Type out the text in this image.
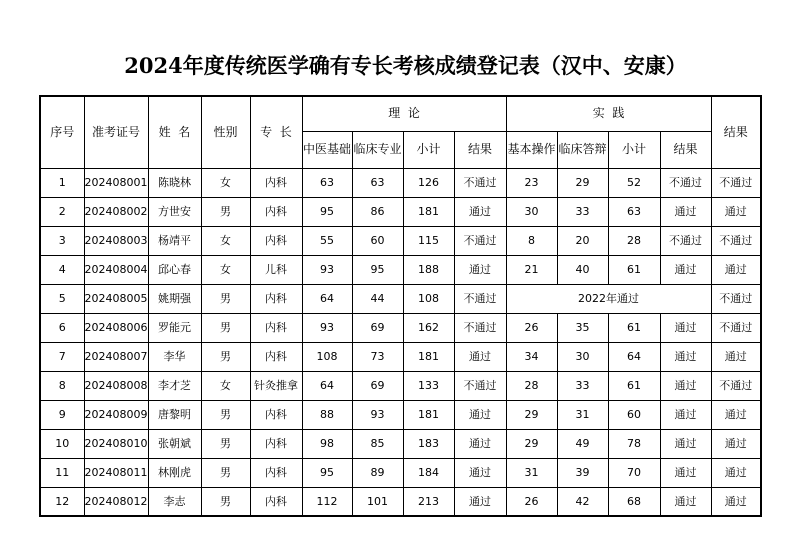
2024年度传统医学确有专长考核成绩登记表（汉中、安康）
序号	准考证号	姓  名	性别	专  长	理  论				实  践				结果
					中医基础	临床专业	小计	结果	基本操作	临床答辩	小计	结果	
1	202408001	陈晓林	女	内科	63	63	126	不通过	23	29	52	不通过	不通过
2	202408002	方世安	男	内科	95	86	181	通过	30	33	63	通过	通过
3	202408003	杨靖平	女	内科	55	60	115	不通过	8	20	28	不通过	不通过
4	202408004	邱心春	女	儿科	93	95	188	通过	21	40	61	通过	通过
5	202408005	姚期强	男	内科	64	44	108	不通过	2022年通过				不通过
6	202408006	罗能元	男	内科	93	69	162	不通过	26	35	61	通过	不通过
7	202408007	李华	男	内科	108	73	181	通过	34	30	64	通过	通过
8	202408008	李才芝	女	针灸推拿	64	69	133	不通过	28	33	61	通过	不通过
9	202408009	唐黎明	男	内科	88	93	181	通过	29	31	60	通过	通过
10	202408010	张朝斌	男	内科	98	85	183	通过	29	49	78	通过	通过
11	202408011	林刚虎	男	内科	95	89	184	通过	31	39	70	通过	通过
12	202408012	李志	男	内科	112	101	213	通过	26	42	68	通过	通过
